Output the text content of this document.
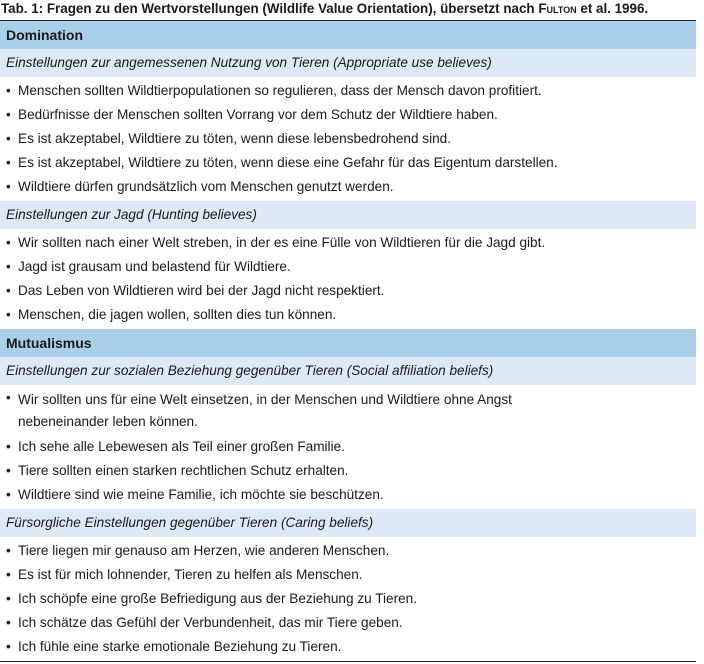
Tab. 1: Fragen zu den Wertvorstellungen (Wildlife Value Orientation), übersetzt nach Fulton et al. 1996.
Domination
Einstellungen zur angemessenen Nutzung von Tieren (Appropriate use believes)
• Menschen sollten Wildtierpopulationen so regulieren, dass der Mensch davon profitiert.
• Bedürfnisse der Menschen sollten Vorrang vor dem Schutz der Wildtiere haben.
• Es ist akzeptabel, Wildtiere zu töten, wenn diese lebensbedrohend sind.
• Es ist akzeptabel, Wildtiere zu töten, wenn diese eine Gefahr für das Eigentum darstellen.
• Wildtiere dürfen grundsätzlich vom Menschen genutzt werden.
Einstellungen zur Jagd (Hunting believes)
• Wir sollten nach einer Welt streben, in der es eine Fülle von Wildtieren für die Jagd gibt.
• Jagd ist grausam und belastend für Wildtiere.
• Das Leben von Wildtieren wird bei der Jagd nicht respektiert.
• Menschen, die jagen wollen, sollten dies tun können.
Mutualismus
Einstellungen zur sozialen Beziehung gegenüber Tieren (Social affiliation beliefs)
• Wir sollten uns für eine Welt einsetzen, in der Menschen und Wildtiere ohne Angst nebeneinander leben können.
• Ich sehe alle Lebewesen als Teil einer großen Familie.
• Tiere sollten einen starken rechtlichen Schutz erhalten.
• Wildtiere sind wie meine Familie, ich möchte sie beschützen.
Fürsorgliche Einstellungen gegenüber Tieren (Caring beliefs)
• Tiere liegen mir genauso am Herzen, wie anderen Menschen.
• Es ist für mich lohnender, Tieren zu helfen als Menschen.
• Ich schöpfe eine große Befriedigung aus der Beziehung zu Tieren.
• Ich schätze das Gefühl der Verbundenheit, das mir Tiere geben.
• Ich fühle eine starke emotionale Beziehung zu Tieren.
